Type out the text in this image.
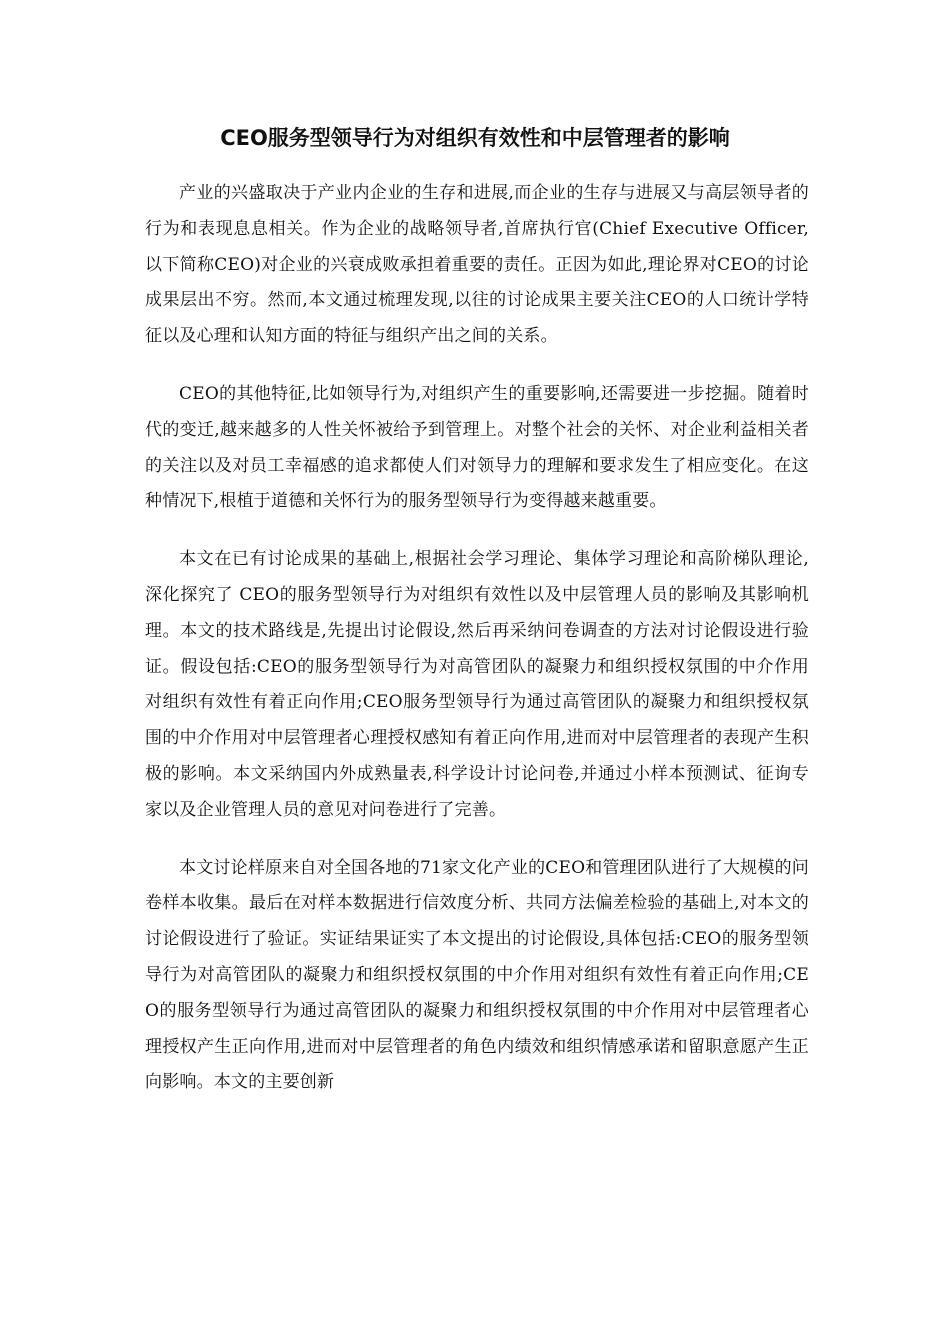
CEO服务型领导行为对组织有效性和中层管理者的影响

产业的兴盛取决于产业内企业的生存和进展,而企业的生存与进展又与高层领导者的行为和表现息息相关。作为企业的战略领导者,首席执行官(Chief Executive Officer,以下简称CEO)对企业的兴衰成败承担着重要的责任。正因为如此,理论界对CEO的讨论成果层出不穷。然而,本文通过梳理发现,以往的讨论成果主要关注CEO的人口统计学特征以及心理和认知方面的特征与组织产出之间的关系。

CEO的其他特征,比如领导行为,对组织产生的重要影响,还需要进一步挖掘。随着时代的变迁,越来越多的人性关怀被给予到管理上。对整个社会的关怀、对企业利益相关者的关注以及对员工幸福感的追求都使人们对领导力的理解和要求发生了相应变化。在这种情况下,根植于道德和关怀行为的服务型领导行为变得越来越重要。

本文在已有讨论成果的基础上,根据社会学习理论、集体学习理论和高阶梯队理论,深化探究了 CEO的服务型领导行为对组织有效性以及中层管理人员的影响及其影响机理。本文的技术路线是,先提出讨论假设,然后再采纳问卷调查的方法对讨论假设进行验证。假设包括:CEO的服务型领导行为对高管团队的凝聚力和组织授权氛围的中介作用对组织有效性有着正向作用;CEO服务型领导行为通过高管团队的凝聚力和组织授权氛围的中介作用对中层管理者心理授权感知有着正向作用,进而对中层管理者的表现产生积极的影响。本文采纳国内外成熟量表,科学设计讨论问卷,并通过小样本预测试、征询专家以及企业管理人员的意见对问卷进行了完善。

本文讨论样原来自对全国各地的71家文化产业的CEO和管理团队进行了大规模的问卷样本收集。最后在对样本数据进行信效度分析、共同方法偏差检验的基础上,对本文的讨论假设进行了验证。实证结果证实了本文提出的讨论假设,具体包括:CEO的服务型领导行为对高管团队的凝聚力和组织授权氛围的中介作用对组织有效性有着正向作用;CEO的服务型领导行为通过高管团队的凝聚力和组织授权氛围的中介作用对中层管理者心理授权产生正向作用,进而对中层管理者的角色内绩效和组织情感承诺和留职意愿产生正向影响。本文的主要创新
